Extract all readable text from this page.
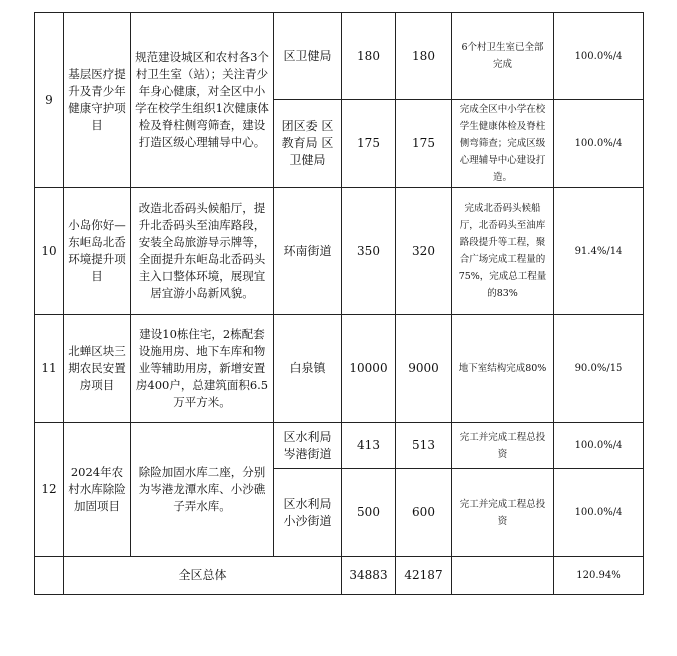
9	基层医疗提升及青少年健康守护项目	规范建设城区和农村各3个村卫生室（站）；关注青少年身心健康，对全区中小学在校学生组织1次健康体检及脊柱侧弯筛查，建设打造区级心理辅导中心。	区卫健局	180	180	6个村卫生室已全部完成	100.0%/4
			团区委 区教育局 区卫健局	175	175	完成全区中小学在校学生健康体检及脊柱侧弯筛查；完成区级心理辅导中心建设打造。	100.0%/4
10	小岛你好—东岠岛北岙环境提升项目	改造北岙码头候船厅，提升北岙码头至油库路段，安装全岛旅游导示牌等，全面提升东岠岛北岙码头主入口整体环境，展现宜居宜游小岛新风貌。	环南街道	350	320	完成北岙码头候船厅，北岙码头至油库路段提升等工程，聚合广场完成工程量的75%，完成总工程量的83%	91.4%/14
11	北蝉区块三期农民安置房项目	建设10栋住宅，2栋配套设施用房、地下车库和物业等辅助用房，新增安置房400户，总建筑面积6.5万平方米。	白泉镇	10000	9000	地下室结构完成80%	90.0%/15
12	2024年农村水库除险加固项目	除险加固水库二座，分别为岑港龙潭水库、小沙礁子弄水库。	区水利局 岑港街道	413	513	完工并完成工程总投资	100.0%/4
			区水利局 小沙街道	500	600	完工并完成工程总投资	100.0%/4
	全区总体			34883	42187		120.94%
